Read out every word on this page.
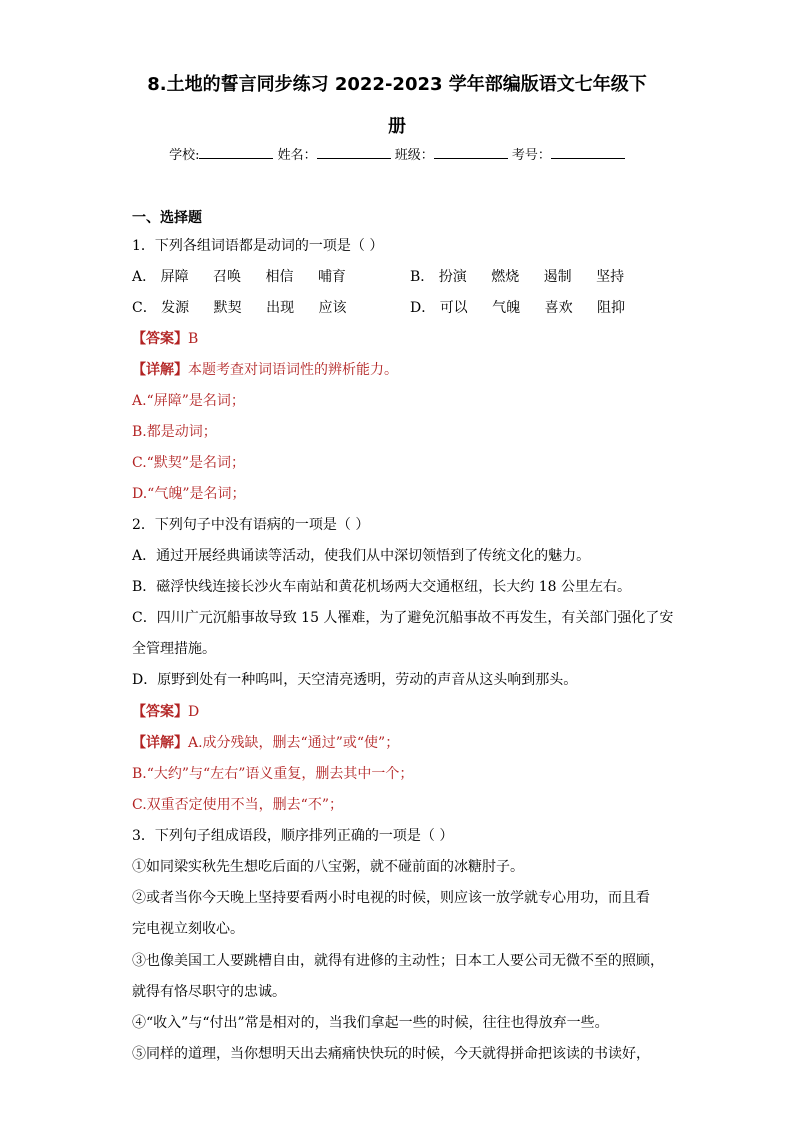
8.土地的誓言同步练习 2022-2023 学年部编版语文七年级下
册
学校:	姓名：	班级：	考号：
一、选择题
1．下列各组词语都是动词的一项是（ ）
A． 屏障 召唤 相信 哺育	B． 扮演 燃烧 遏制 坚持
C． 发源 默契 出现 应该	D． 可以 气魄 喜欢 阻抑
【答案】B
【详解】本题考查对词语词性的辨析能力。
A.“屏障”是名词；
B.都是动词；
C.“默契”是名词；
D.“气魄”是名词；
2．下列句子中没有语病的一项是（ ）
A．通过开展经典诵读等活动，使我们从中深切领悟到了传统文化的魅力。
B．磁浮快线连接长沙火车南站和黄花机场两大交通枢纽，长大约 18 公里左右。
C．四川广元沉船事故导致 15 人罹难，为了避免沉船事故不再发生，有关部门强化了安
全管理措施。
D．原野到处有一种呜叫，天空清亮透明，劳动的声音从这头响到那头。
【答案】D
【详解】A.成分残缺，删去“通过”或“使”；
B.“大约”与“左右”语义重复，删去其中一个；
C.双重否定使用不当，删去“不”；
3．下列句子组成语段，顺序排列正确的一项是（ ）
①如同梁实秋先生想吃后面的八宝粥，就不碰前面的冰糖肘子。
②或者当你今天晚上坚持要看两小时电视的时候，则应该一放学就专心用功，而且看
完电视立刻收心。
③也像美国工人要跳槽自由，就得有进修的主动性；日本工人要公司无微不至的照顾，
就得有恪尽职守的忠诚。
④“收入”与“付出”常是相对的，当我们拿起一些的时候，往往也得放弃一些。
⑤同样的道理，当你想明天出去痛痛快快玩的时候，今天就得拼命把该读的书读好，
